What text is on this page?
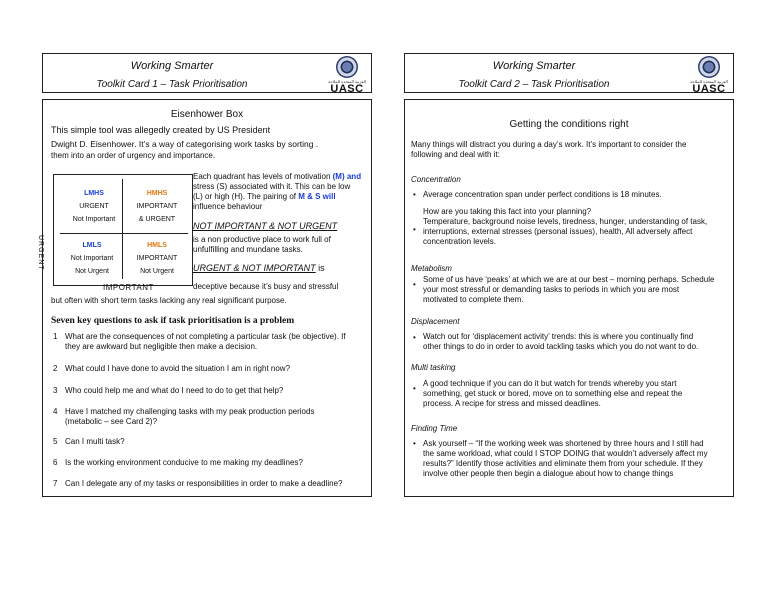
Working Smarter
Toolkit Card 1 – Task Prioritisation	العربية المتحدة للملاحة
UASC
Eisenhower Box
This simple tool was allegedly created by US President
Dwight D. Eisenhower. It’s a way of categorising work tasks by sorting .
them into an order of urgency and importance.
URGENT
LMHS
URGENT
Not Important
HMHS
IMPORTANT
& URGENT
LMLS
Not Important
Not Urgent
HMLS
IMPORTANT
Not Urgent
IMPORTANT
Each quadrant has levels of motivation (M) and
stress (S) associated with it. This can be low
(L) or high (H). The pairing of M & S will
influence behaviour
NOT IMPORTANT & NOT URGENT
is a non productive place to work full of
unfulfilling and mundane tasks.
URGENT & NOT IMPORTANT is
deceptive because it’s busy and stressful
but often with short term tasks lacking any real significant purpose.
Seven key questions to ask if task prioritisation is a problem
1 What are the consequences of not completing a particular task (be objective). If
they are awkward but negligible then make a decision.
2 What could I have done to avoid the situation I am in right now?
3 Who could help me and what do I need to do to get that help?
4 Have I matched my challenging tasks with my peak production periods
(metabolic – see Card 2)?
5 Can I multi task?
6 Is the working environment conducive to me making my deadlines?
7 Can I delegate any of my tasks or responsibilities in order to make a deadline?
Working Smarter
Toolkit Card 2 – Task Prioritisation	العربية المتحدة للملاحة
UASC
Getting the conditions right
Many things will distract you during a day’s work. It’s important to consider the
following and deal with it:
Concentration
• Average concentration span under perfect conditions is 18 minutes.
•
How are you taking this fact into your planning?
Temperature, background noise levels, tiredness, hunger, understanding of task,
interruptions, external stresses (personal issues), health, All adversely affect
concentration levels.
Metabolism
•
Some of us have ‘peaks’ at which we are at our best – morning perhaps. Schedule
your most stressful or demanding tasks to periods in which you are most
motivated to complete them.
Displacement
• Watch out for ‘displacement activity’ trends: this is where you continually find
other things to do in order to avoid tackling tasks which you do not want to do.
Multi tasking
•
A good technique if you can do it but watch for trends whereby you start
something, get stuck or bored, move on to something else and repeat the
process. A recipe for stress and missed deadlines.
Finding Time
• Ask yourself – “If the working week was shortened by three hours and I still had
the same workload, what could I STOP DOING that wouldn’t adversely affect my
results?” Identify those activities and eliminate them from your schedule. If they
involve other people then begin a dialogue about how to change things
